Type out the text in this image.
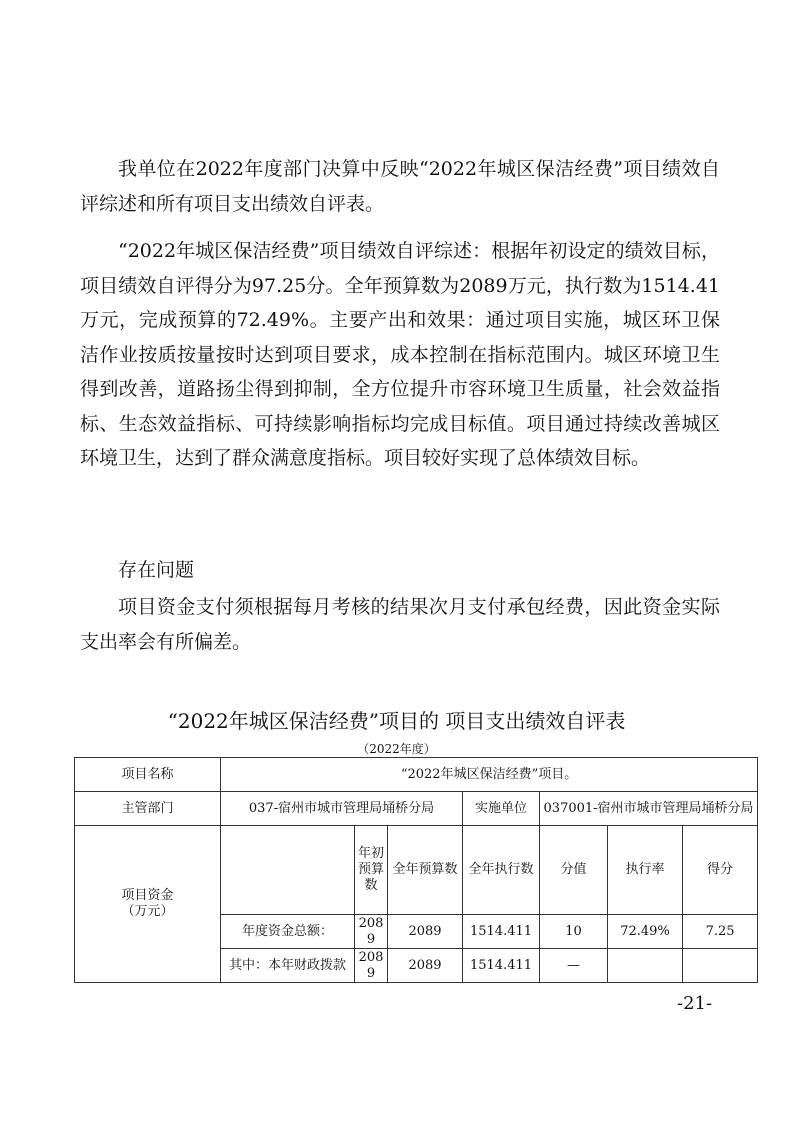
我单位在2022年度部门决算中反映“2022年城区保洁经费”项目绩效自评综述和所有项目支出绩效自评表。

“2022年城区保洁经费”项目绩效自评综述：根据年初设定的绩效目标，项目绩效自评得分为97.25分。全年预算数为2089万元，执行数为1514.41万元，完成预算的72.49%。主要产出和效果：通过项目实施，城区环卫保洁作业按质按量按时达到项目要求，成本控制在指标范围内。城区环境卫生得到改善，道路扬尘得到抑制，全方位提升市容环境卫生质量，社会效益指标、生态效益指标、可持续影响指标均完成目标值。项目通过持续改善城区环境卫生，达到了群众满意度指标。项目较好实现了总体绩效目标。

存在问题

项目资金支付须根据每月考核的结果次月支付承包经费，因此资金实际支出率会有所偏差。

“2022年城区保洁经费”项目的 项目支出绩效自评表
（2022年度）
项目名称	“2022年城区保洁经费”项目。						
主管部门	037-宿州市城市管理局埇桥分局			实施单位	037001-宿州市城市管理局埇桥分局		
项目资金
（万元）		年初预算数	全年预算数	全年执行数	分值	执行率	得分
	年度资金总额：	2089	2089	1514.411	10	72.49%	7.25
	其中：本年财政拨款	2089	2089	1514.411	—		
-21-
